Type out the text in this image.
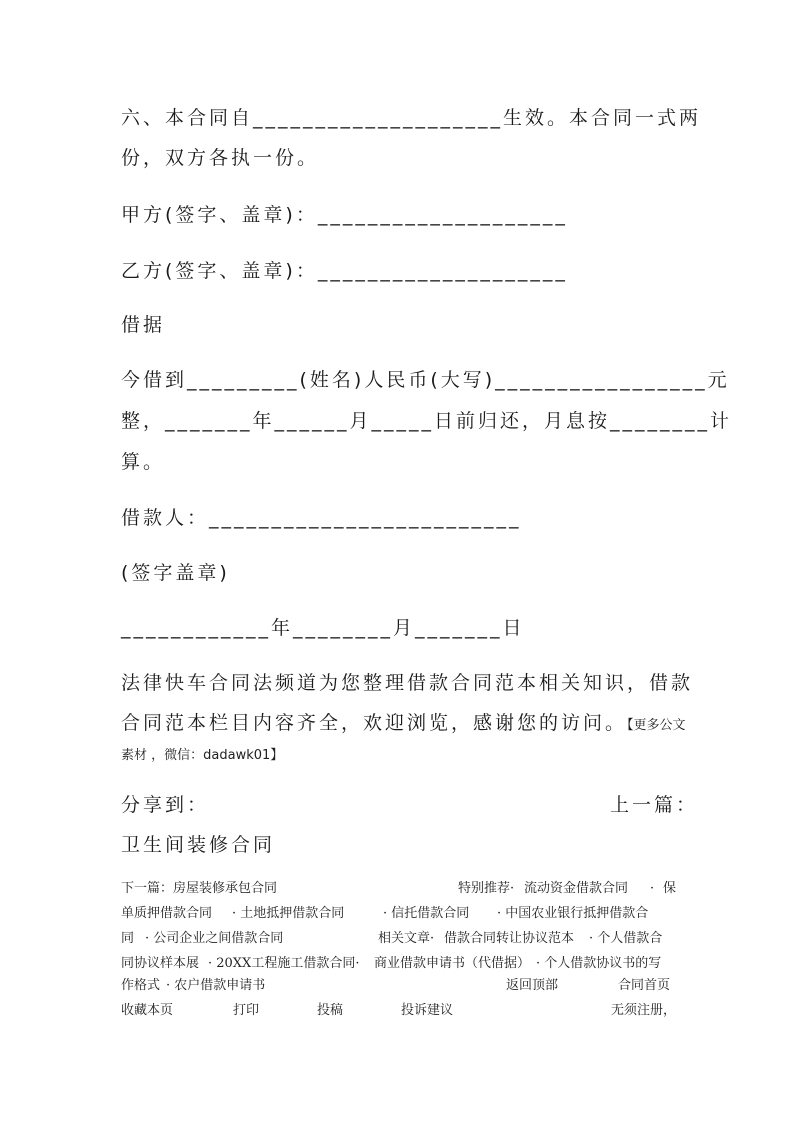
六、本合同自____________________生效。本合同一式两
份，双方各执一份。
甲方(签字、盖章)：____________________
乙方(签字、盖章)：____________________
借据
今借到_________(姓名)人民币(大写)_________________元
整，_______年______月_____日前归还，月息按________计
算。
借款人：_________________________
(签字盖章)
____________年________月_______日
法律快车合同法频道为您整理借款合同范本相关知识，借款
合同范本栏目内容齐全，欢迎浏览，感谢您的访问。【更多公文
素材 ，微信：dadawk01】
分享到：	上一篇：
卫生间装修合同
下一篇：房屋装修承包合同	特别推荐· 流动资金借款合同 · 保
单质押借款合同 · 土地抵押借款合同	· 信托借款合同 · 中国农业银行抵押借款合
同 · 公司企业之间借款合同	相关文章· 借款合同转让协议范本 · 个人借款合
同协议样本展 · 20XX工程施工借款合同· 商业借款申请书（代借据） · 个人借款协议书的写
作格式 · 农户借款申请书	返回顶部	合同首页
收藏本页	打印	投稿	投诉建议	无须注册，
